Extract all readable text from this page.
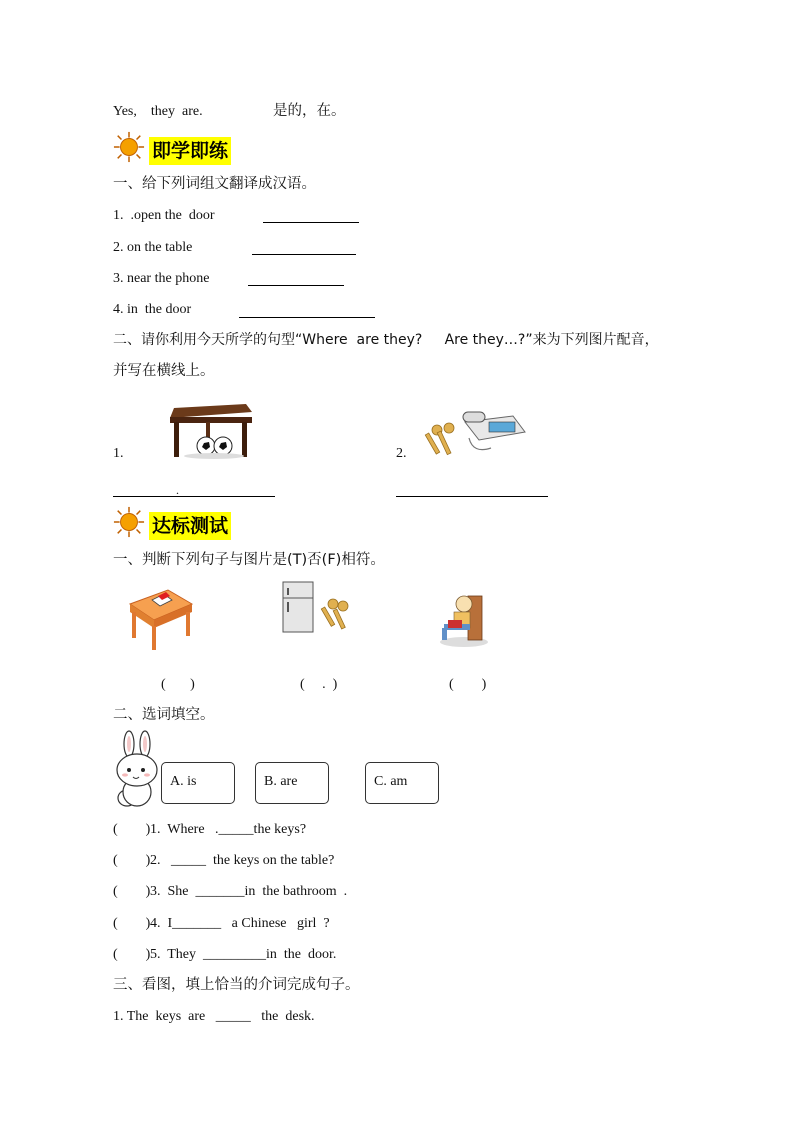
Yes,    they  are.	是的，在。
即学即练
一、给下列词组文翻译成汉语。
1.  .open the  door
2. on the table
3. near the phone
4. in  the door
二、请你利用今天所学的句型“Where  are they?     Are they…?”来为下列图片配音，
并写在横线上。
1.	2.
.
达标测试
一、判断下列句子与图片是(T)否(F)相符。
(       )	(     .  )	(        )
二、选词填空。
A. is	B. are	C. am
(        ) 1.  Where   ._____the keys?
(        ) 2.   _____  the keys on the table?
(        ) 3.  She  _______in  the bathroom  .
(        ) 4.  I_______   a Chinese   girl  ?
(        ) 5.  They  _________in  the  door.
三、看图，填上恰当的介词完成句子。
1. The  keys  are   _____   the  desk.
